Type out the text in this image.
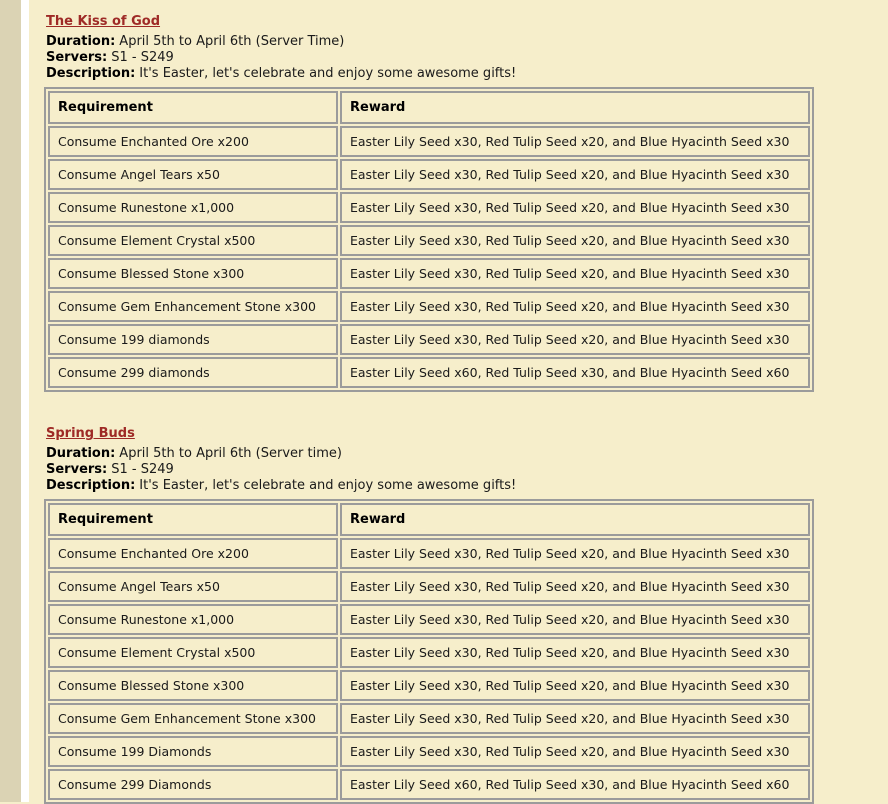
The Kiss of God
Duration: April 5th to April 6th (Server Time)
Servers: S1 - S249
Description: It's Easter, let's celebrate and enjoy some awesome gifts!
Requirement	Reward
Consume Enchanted Ore x200	Easter Lily Seed x30, Red Tulip Seed x20, and Blue Hyacinth Seed x30
Consume Angel Tears x50	Easter Lily Seed x30, Red Tulip Seed x20, and Blue Hyacinth Seed x30
Consume Runestone x1,000	Easter Lily Seed x30, Red Tulip Seed x20, and Blue Hyacinth Seed x30
Consume Element Crystal x500	Easter Lily Seed x30, Red Tulip Seed x20, and Blue Hyacinth Seed x30
Consume Blessed Stone x300	Easter Lily Seed x30, Red Tulip Seed x20, and Blue Hyacinth Seed x30
Consume Gem Enhancement Stone x300	Easter Lily Seed x30, Red Tulip Seed x20, and Blue Hyacinth Seed x30
Consume 199 diamonds	Easter Lily Seed x30, Red Tulip Seed x20, and Blue Hyacinth Seed x30
Consume 299 diamonds	Easter Lily Seed x60, Red Tulip Seed x30, and Blue Hyacinth Seed x60
Spring Buds
Duration: April 5th to April 6th (Server time)
Servers: S1 - S249
Description: It's Easter, let's celebrate and enjoy some awesome gifts!
Requirement	Reward
Consume Enchanted Ore x200	Easter Lily Seed x30, Red Tulip Seed x20, and Blue Hyacinth Seed x30
Consume Angel Tears x50	Easter Lily Seed x30, Red Tulip Seed x20, and Blue Hyacinth Seed x30
Consume Runestone x1,000	Easter Lily Seed x30, Red Tulip Seed x20, and Blue Hyacinth Seed x30
Consume Element Crystal x500	Easter Lily Seed x30, Red Tulip Seed x20, and Blue Hyacinth Seed x30
Consume Blessed Stone x300	Easter Lily Seed x30, Red Tulip Seed x20, and Blue Hyacinth Seed x30
Consume Gem Enhancement Stone x300	Easter Lily Seed x30, Red Tulip Seed x20, and Blue Hyacinth Seed x30
Consume 199 Diamonds	Easter Lily Seed x30, Red Tulip Seed x20, and Blue Hyacinth Seed x30
Consume 299 Diamonds	Easter Lily Seed x60, Red Tulip Seed x30, and Blue Hyacinth Seed x60
